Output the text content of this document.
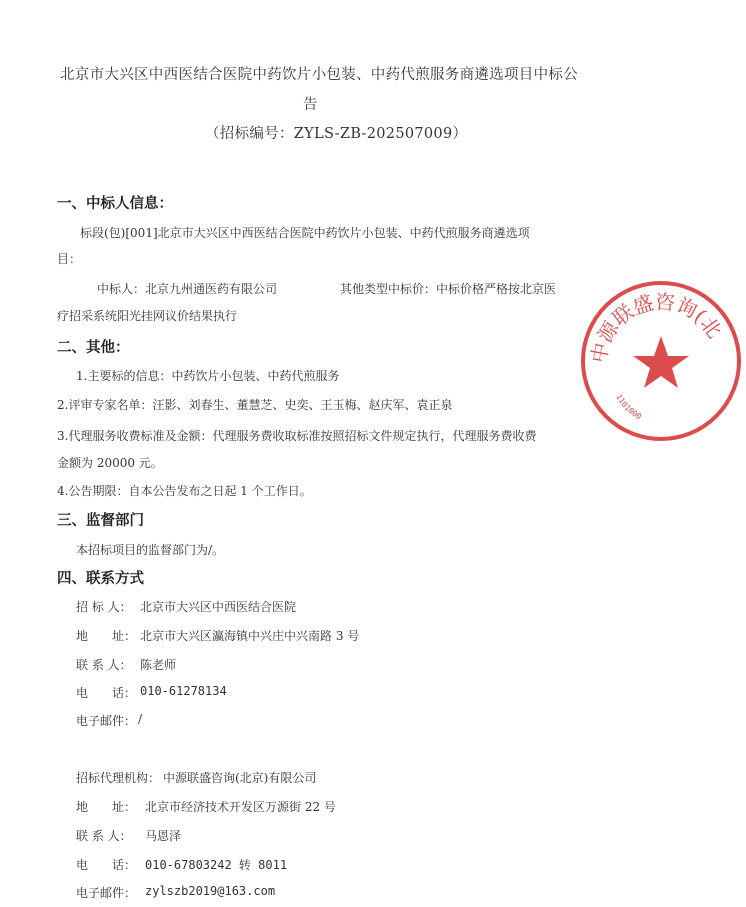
北京市大兴区中西医结合医院中药饮片小包装、中药代煎服务商遴选项目中标公
告
（招标编号：ZYLS-ZB-202507009）
一、中标人信息：
标段(包)[001]北京市大兴区中西医结合医院中药饮片小包装、中药代煎服务商遴选项
目：
中标人：北京九州通医药有限公司	其他类型中标价：中标价格严格按北京医
疗招采系统阳光挂网议价结果执行
二、其他：
1.主要标的信息：中药饮片小包装、中药代煎服务
2.评审专家名单：汪影、刘春生、董慧芝、史奕、王玉梅、赵庆军、袁正泉
3.代理服务收费标准及金额：代理服务费收取标准按照招标文件规定执行，代理服务费收费
金额为 20000 元。
4.公告期限：自本公告发布之日起 1 个工作日。
三、监督部门
本招标项目的监督部门为/。
四、联系方式
招 标 人： 北京市大兴区中西医结合医院
地　　址： 北京市大兴区瀛海镇中兴庄中兴南路 3 号
联 系 人： 陈老师
电　　话： 010-61278134
电子邮件： /
招标代理机构： 中源联盛咨询(北京)有限公司
地　　址： 北京市经济技术开发区万源街 22 号
联 系 人： 马恩泽
电　　话： 010-67803242 转 8011
电子邮件： zylszb2019@163.com
中源联盛咨询(北
1101000
